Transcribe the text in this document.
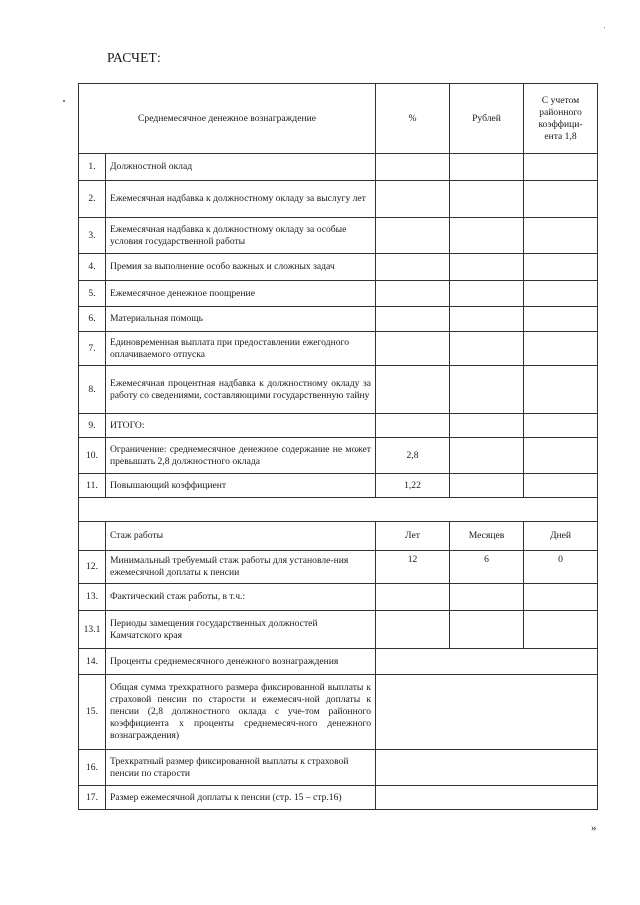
РАСЧЕТ:
Среднемесячное денежное вознаграждение		%	Рублей	С учетом
районного
коэффици-
ента 1,8
1.	Должностной оклад			
2.	Ежемесячная надбавка к должностному окладу за выслугу лет			
3.	Ежемесячная надбавка к должностному окладу за особые условия государственной работы			
4.	Премия за выполнение особо важных и сложных задач			
5.	Ежемесячное денежное поощрение			
6.	Материальная помощь			
7.	Единовременная выплата при предоставлении ежегодного оплачиваемого отпуска			
8.	Ежемесячная процентная надбавка к должностному окладу за работу со сведениями, составляющими государственную тайну			
9.	ИТОГО:			
10.	Ограничение: среднемесячное денежное содержание не может превышать 2,8 должностного оклада	2,8		
11.	Повышающий коэффициент	1,22		

	Стаж работы	Лет	Месяцев	Дней
12.	Минимальный требуемый стаж работы для установле-ния ежемесячной доплаты к пенсии	12	6	0
13.	Фактический стаж работы, в т.ч.:			
13.1	Периоды замещения государственных должностей Камчатского края			
14.	Проценты среднемесячного денежного вознаграждения			
15.	Общая сумма трехкратного размера фиксированной выплаты к страховой пенсии по старости и ежемесяч-ной доплаты к пенсии (2,8 должностного оклада с уче-том районного коэффициента х проценты среднемесяч-ного денежного вознаграждения)			
16.	Трехкратный размер фиксированной выплаты к страховой пенсии по старости			
17.	Размер ежемесячной доплаты к пенсии (стр. 15 – стр.16)			
»
